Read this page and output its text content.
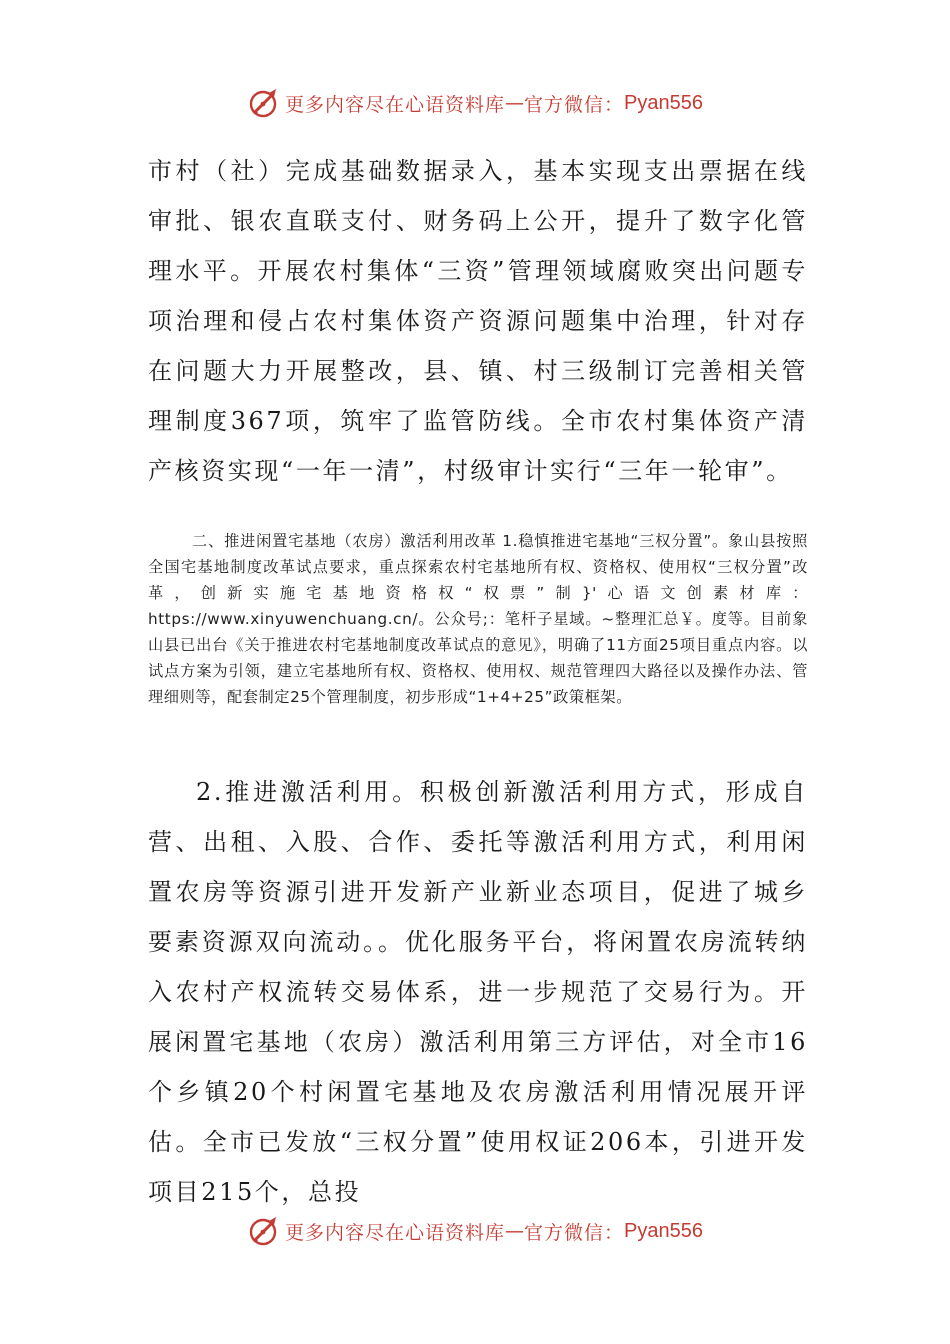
更多内容尽在心语资料库 — 官方微信： Pyan556

市村（社）完成基础数据录入，基本实现支出票据在线审批、银农直联支付、财务码上公开，提升了数字化管理水平。开展农村集体“三资”管理领域腐败突出问题专项治理和侵占农村集体资产资源问题集中治理，针对存在问题大力开展整改，县、镇、村三级制订完善相关管理制度367项，筑牢了监管防线。全市农村集体资产清产核资实现“一年一清”，村级审计实行“三年一轮审”。

二、推进闲置宅基地（农房）激活利用改革 1.稳慎推进宅基地“三权分置”。象山县按照全国宅基地制度改革试点要求，重点探索农村宅基地所有权、资格权、使用权“三权分置”改革，创新实施宅基地资格权“权票”制}'心语文创素材库：https://www.xinyuwenchuang.cn/。公众号;：笔杆子星域。~整理汇总￥。度等。目前象山县已出台《关于推进农村宅基地制度改革试点的意见》，明确了11方面25项目重点内容。以试点方案为引领，建立宅基地所有权、资格权、使用权、规范管理四大路径以及操作办法、管理细则等，配套制定25个管理制度，初步形成“1+4+25”政策框架。

2.推进激活利用。积极创新激活利用方式，形成自营、出租、入股、合作、委托等激活利用方式，利用闲置农房等资源引进开发新产业新业态项目，促进了城乡要素资源双向流动。。优化服务平台，将闲置农房流转纳入农村产权流转交易体系，进一步规范了交易行为。开展闲置宅基地（农房）激活利用第三方评估，对全市16个乡镇20个村闲置宅基地及农房激活利用情况展开评估。全市已发放“三权分置”使用权证206本，引进开发项目215个，总投

更多内容尽在心语资料库 — 官方微信： Pyan556
